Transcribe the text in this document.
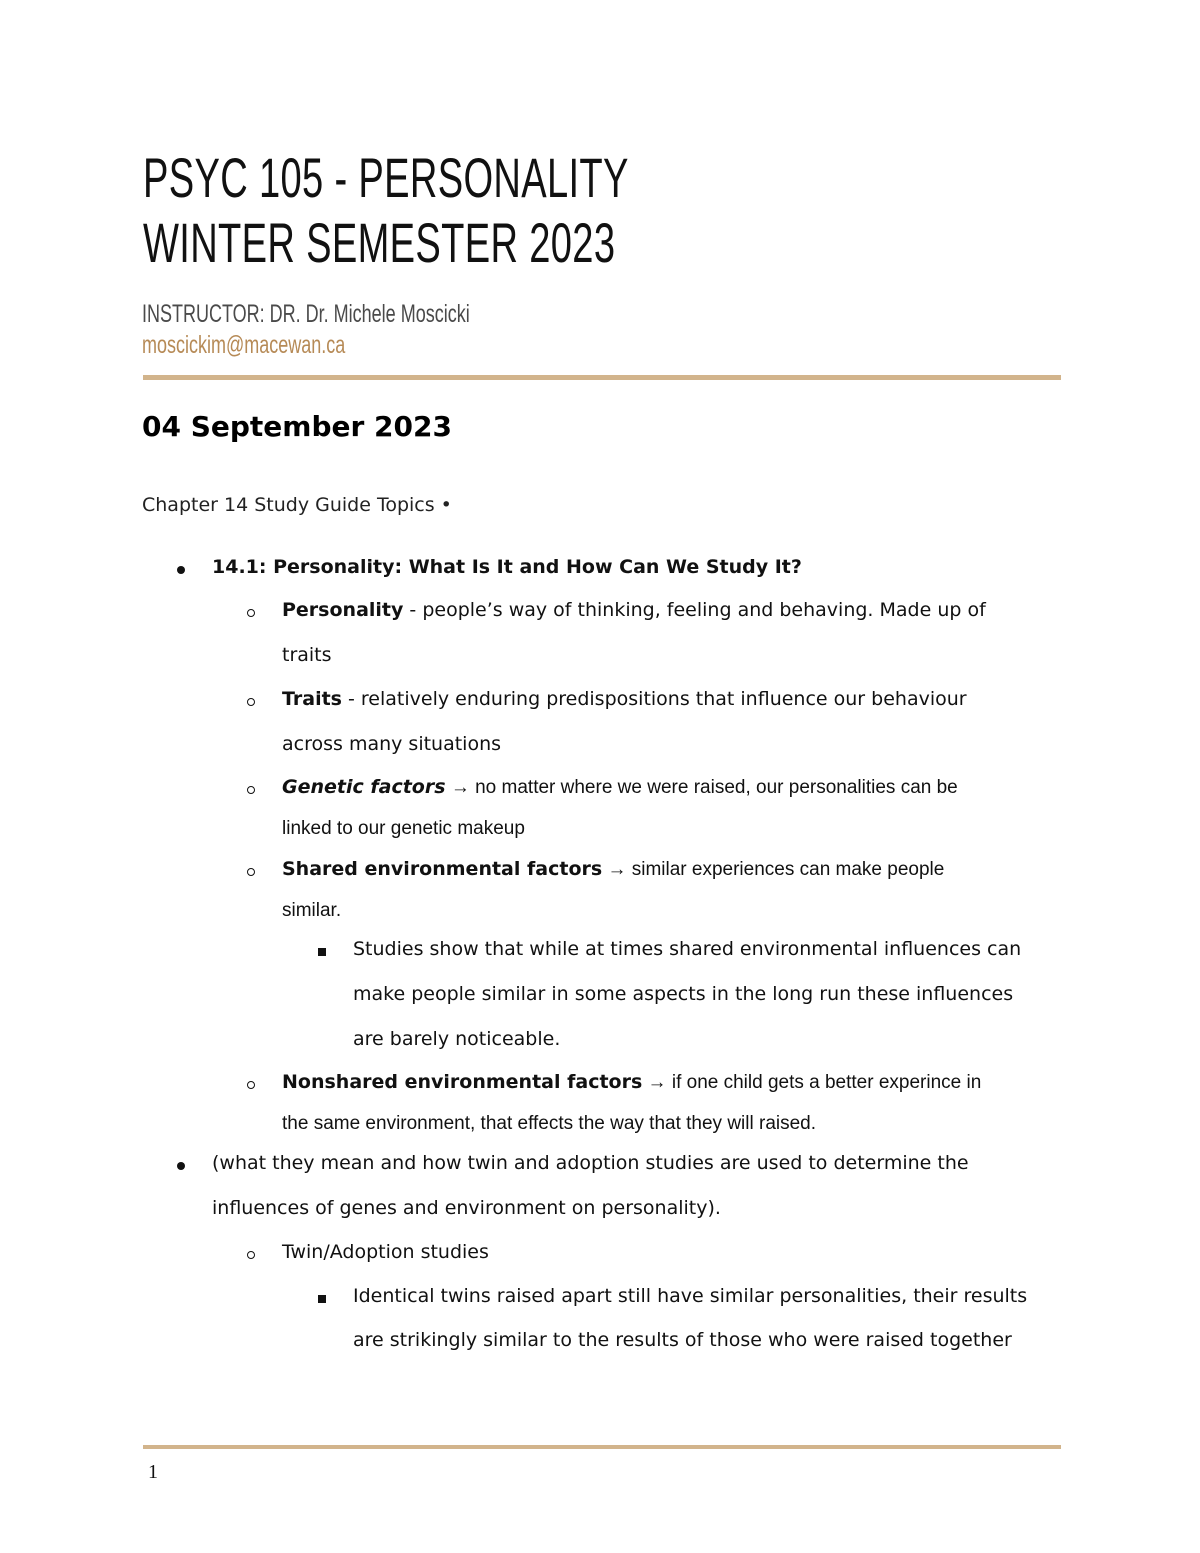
PSYC 105 - PERSONALITY
WINTER SEMESTER 2023
INSTRUCTOR: DR. Dr. Michele Moscicki
moscickim@macewan.ca
04 September 2023
Chapter 14 Study Guide Topics •
14.1: Personality: What Is It and How Can We Study It?
Personality - people’s way of thinking, feeling and behaving. Made up of
traits
Traits - relatively enduring predispositions that influence our behaviour
across many situations
Genetic factors → no matter where we were raised, our personalities can be
linked to our genetic makeup
Shared environmental factors → similar experiences can make people
similar.
Studies show that while at times shared environmental influences can
make people similar in some aspects in the long run these influences
are barely noticeable.
Nonshared environmental factors → if one child gets a better experince in
the same environment, that effects the way that they will raised.
(what they mean and how twin and adoption studies are used to determine the
influences of genes and environment on personality).
Twin/Adoption studies
Identical twins raised apart still have similar personalities, their results
are strikingly similar to the results of those who were raised together
1
